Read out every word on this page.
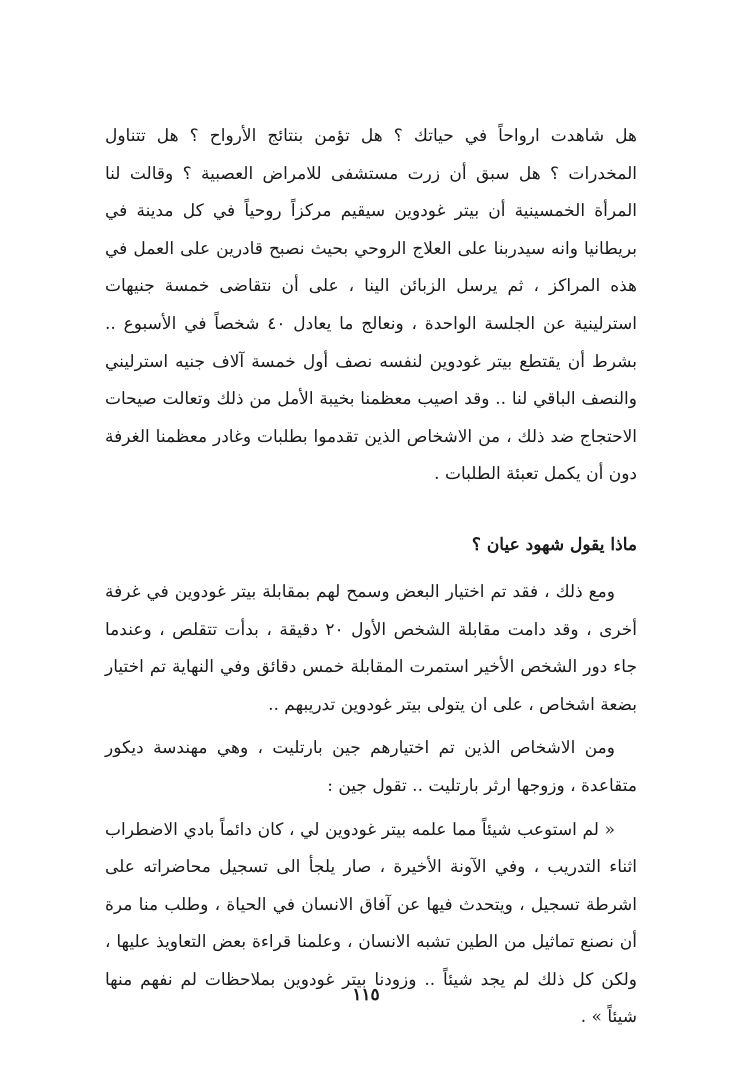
هل شاهدت ارواحاً في حياتك ؟ هل تؤمن بنتائج الأرواح ؟ هل تتناول المخدرات ؟ هل سبق أن زرت مستشفى للامراض العصبية ؟ وقالت لنا المرأة الخمسينية أن بيتر غودوين سيقيم مركزاً روحياً في كل مدينة في بريطانيا وانه سيدربنا على العلاج الروحي بحيث نصبح قادرين على العمل في هذه المراكز ، ثم يرسل الزبائن الينا ، على أن نتقاضى خمسة جنيهات استرلينية عن الجلسة الواحدة ، ونعالج ما يعادل ٤٠ شخصاً في الأسبوع .. بشرط أن يقتطع بيتر غودوين لنفسه نصف أول خمسة آلاف جنيه استرليني والنصف الباقي لنا .. وقد اصيب معظمنا بخيبة الأمل من ذلك وتعالت صيحات الاحتجاج ضد ذلك ، من الاشخاص الذين تقدموا بطلبات وغادر معظمنا الغرفة دون أن يكمل تعبئة الطلبات .

ماذا يقول شهود عيان ؟

ومع ذلك ، فقد تم اختيار البعض وسمح لهم بمقابلة بيتر غودوين في غرفة أخرى ، وقد دامت مقابلة الشخص الأول ٢٠ دقيقة ، بدأت تتقلص ، وعندما جاء دور الشخص الأخير استمرت المقابلة خمس دقائق وفي النهاية تم اختيار بضعة اشخاص ، على ان يتولى بيتر غودوين تدريبهم ..

ومن الاشخاص الذين تم اختيارهم جين بارتليت ، وهي مهندسة ديكور متقاعدة ، وزوجها ارثر بارتليت .. تقول جين :

« لم استوعب شيئاً مما علمه بيتر غودوين لي ، كان دائماً بادي الاضطراب اثناء التدريب ، وفي الآونة الأخيرة ، صار يلجأ الى تسجيل محاضراته على اشرطة تسجيل ، ويتحدث فيها عن آفاق الانسان في الحياة ، وطلب منا مرة أن نصنع تماثيل من الطين تشبه الانسان ، وعلمنا قراءة بعض التعاويذ عليها ، ولكن كل ذلك لم يجد شيئاً .. وزودنا بيتر غودوين بملاحظات لم نفهم منها شيئاً » .

١١٥
